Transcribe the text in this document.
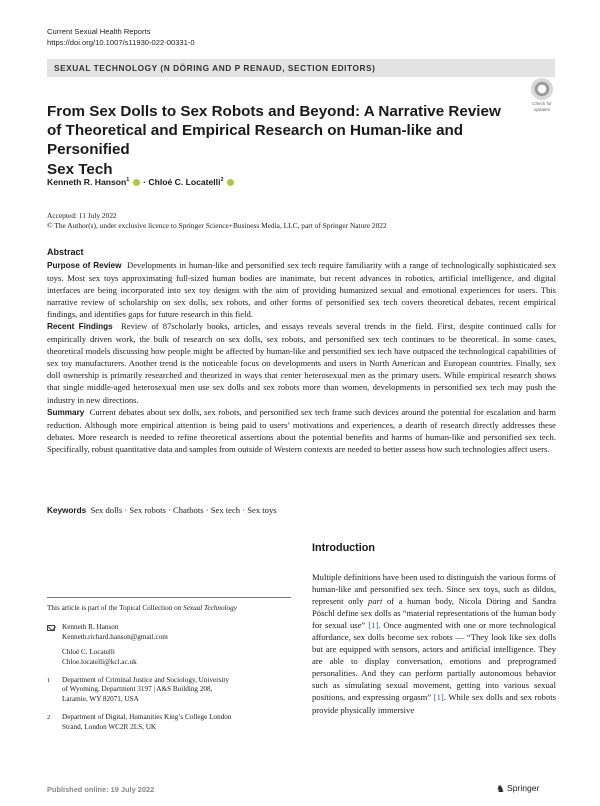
Current Sexual Health Reports
https://doi.org/10.1007/s11930-022-00331-0
SEXUAL TECHNOLOGY (N DÖRING AND P RENAUD, SECTION EDITORS)
Check for
updates
From Sex Dolls to Sex Robots and Beyond: A Narrative Review
of Theoretical and Empirical Research on Human-like and Personified
Sex Tech
Kenneth R. Hanson$^1$  · Chloé C. Locatelli$^2$
Accepted: 11 July 2022
© The Author(s), under exclusive licence to Springer Science+Business Media, LLC, part of Springer Nature 2022
Abstract

Purpose of Review Developments in human-like and personified sex tech require familiarity with a range of technologically sophisticated sex toys. Most sex toys approximating full-sized human bodies are inanimate, but recent advances in robotics, artificial intelligence, and digital interfaces are being incorporated into sex toy designs with the aim of providing humanized sexual and emotional experiences for users. This narrative review of scholarship on sex dolls, sex robots, and other forms of personified sex tech covers theoretical debates, recent empirical findings, and identifies gaps for future research in this field.

Recent Findings Review of 87scholarly books, articles, and essays reveals several trends in the field. First, despite continued calls for empirically driven work, the bulk of research on sex dolls, sex robots, and personified sex tech continues to be theoretical. In some cases, theoretical models discussing how people might be affected by human-like and personified sex tech have outpaced the technological capabilities of sex toy manufacturers. Another trend is the noticeable focus on developments and users in North American and European countries. Finally, sex doll ownership is primarily researched and theorized in ways that center heterosexual men as the primary users. While empirical research shows that single middle-aged heterosexual men use sex dolls and sex robots more than women, developments in personified sex tech may push the industry in new directions.

Summary Current debates about sex dolls, sex robots, and personified sex tech frame such devices around the potential for escalation and harm reduction. Although more empirical attention is being paid to users’ motivations and experiences, a dearth of research directly addresses these debates. More research is needed to refine theoretical assertions about the potential benefits and harms of human-like and personified sex tech. Specifically, robust quantitative data and samples from outside of Western contexts are needed to better assess how such technologies affect users.

Keywords Sex dolls · Sex robots · Chatbots · Sex tech · Sex toys
Introduction

Multiple definitions have been used to distinguish the various forms of human-like and personified sex tech. Since sex toys, such as dildos, represent only part of a human body, Nicola Döring and Sandra Pöschl define sex dolls as “material representations of the human body for sexual use” [1]. Once augmented with one or more technological affordance, sex dolls become sex robots — “They look like sex dolls but are equipped with sensors, actors and artificial intelligence. They are able to display conversation, emotions and preprogramed personalities. And they can perform partially autonomous behavior such as simulating sexual movement, getting into various sexual positions, and expressing orgasm” [1]. While sex dolls and sex robots provide physically immersive

This article is part of the Topical Collection on Sexual Technology
Kenneth R. Hanson
Kenneth.richard.hanson@gmail.com
Chloé C. Locatelli
Chloe.locatelli@kcl.ac.uk
1 Department of Criminal Justice and Sociology, University
of Wyoming, Department 3197 | A&S Building 208,
Laramie, WY 82071, USA
2 Department of Digital, Humanities King’s College London
Strand, London WC2R 2LS, UK
Published online: 19 July 2022	♞ Springer
